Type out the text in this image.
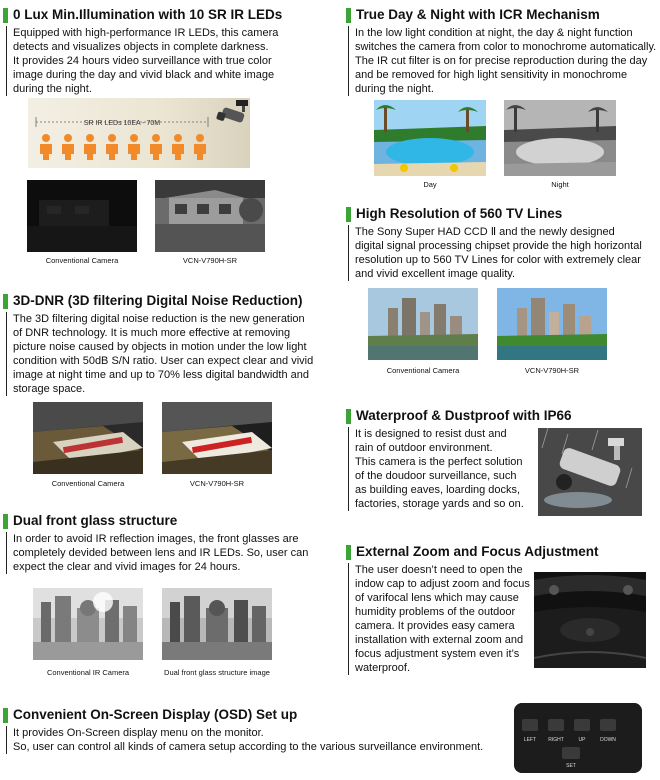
0 Lux Min.Illumination with 10 SR IR LEDs
Equipped with high-performance IR LEDs, this camera
detects and visualizes objects in complete darkness.
It provides 24 hours video surveillance with true color
image during the day and vivid black and white image
during the night.
SR IR LEDs 10EA - 70M
Conventional Camera	VCN-V790H-SR
3D-DNR (3D filtering Digital Noise Reduction)
The 3D filtering digital noise reduction is the new generation
of DNR technology. It is much more effective at removing
picture noise caused by objects in motion under the low light
condition with 50dB S/N ratio. User can expect clear and vivid
image at night time and up to 70% less digital bandwidth and
storage space.
Conventional Camera	VCN-V790H-SR
Dual front glass structure
In order to avoid IR reflection images, the front glasses are
completely devided between lens and IR LEDs. So, user can
expect the clear and vivid images for 24 hours.
Conventional IR Camera	Dual front glass structure image
Convenient On-Screen Display (OSD) Set up
It provides On-Screen display menu on the monitor.
So, user can control all kinds of camera setup according to the various surveillance environment.
LEFT RIGHT	UP	DOWN
SET
True Day & Night with ICR Mechanism
In the low light condition at night, the day & night function
switches the camera from color to monochrome automatically.
The IR cut filter is on for precise reproduction during the day
and be removed for high light sensitivity in monochrome
during the night.
Day	Night
High Resolution of 560 TV Lines
The Sony Super HAD CCD Ⅱ and the newly designed
digital signal processing chipset provide the high horizontal
resolution up to 560 TV Lines for color with extremely clear
and vivid excellent image quality.
Conventional Camera	VCN-V790H-SR
Waterproof & Dustproof with IP66
It is designed to resist dust and
rain of outdoor environment.
This camera is the perfect solution
of the doudoor surveillance, such
as building eaves, loarding docks,
factories, storage yards and so on.
External Zoom and Focus Adjustment
The user doesn’t need to open the
indow cap to adjust zoom and focus
of varifocal lens which may cause
humidity problems of the outdoor
camera. It provides easy camera
installation with external zoom and
focus adjustment system even it’s
waterproof.
